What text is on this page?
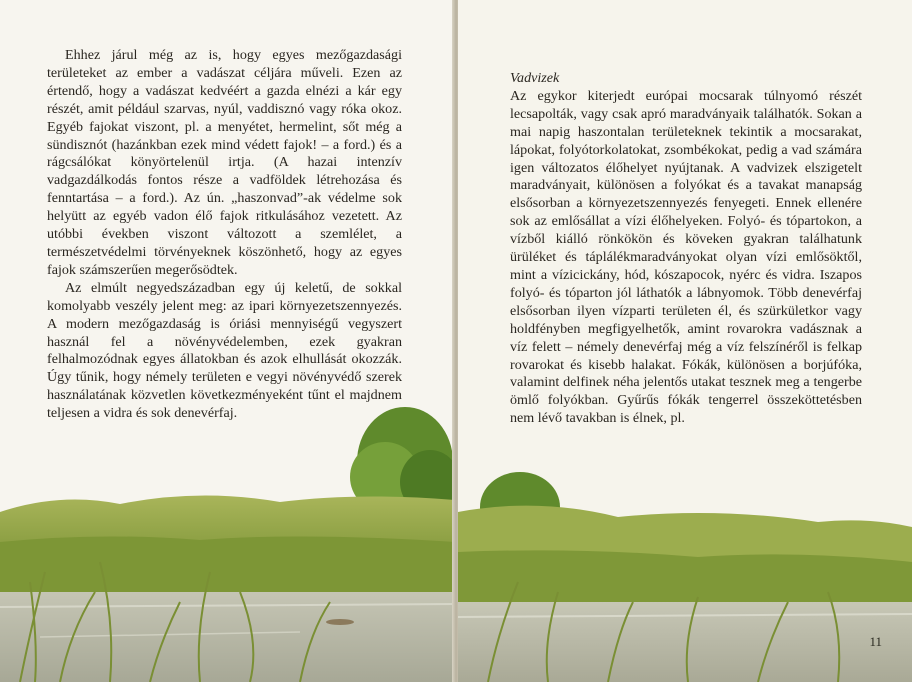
Ehhez járul még az is, hogy egyes mezőgazdasági területeket az ember a vadászat céljára műveli. Ezen az értendő, hogy a vadászat kedvéért a gazda elnézi a kár egy részét, amit például szarvas, nyúl, vaddisznó vagy róka okoz. Egyéb fajokat viszont, pl. a menyétet, hermelint, sőt még a sündisznót (hazánkban ezek mind védett fajok! – a ford.) és a rágcsálókat könyörtelenül irtja. (A hazai intenzív vadgazdálkodás fontos része a vadföldek létrehozása és fenntartása – a ford.). Az ún. „haszonvad”-ak védelme sok helyütt az egyéb vadon élő fajok ritkulásához vezetett. Az utóbbi években viszont változott a szemlélet, a természetvédelmi törvényeknek köszönhető, hogy az egyes fajok számszerűen megerősödtek.

Az elmúlt negyedszázadban egy új keletű, de sokkal komolyabb veszély jelent meg: az ipari környezetszennyezés. A modern mezőgazdaság is óriási mennyiségű vegyszert használ fel a növényvédelemben, ezek gyakran felhalmozódnak egyes állatokban és azok elhullását okozzák. Úgy tűnik, hogy némely területen e vegyi növényvédő szerek használatának közvetlen következményeként tűnt el majdnem teljesen a vidra és sok denevérfaj.

Vadvizek

Az egykor kiterjedt európai mocsarak túlnyomó részét lecsapolták, vagy csak apró maradványaik találhatók. Sokan a mai napig haszontalan területeknek tekintik a mocsarakat, lápokat, folyótorkolatokat, zsombékokat, pedig a vad számára igen változatos élőhelyet nyújtanak. A vadvizek elszigetelt maradványait, különösen a folyókat és a tavakat manapság elsősorban a környezetszennyezés fenyegeti. Ennek ellenére sok az emlősállat a vízi élőhelyeken. Folyó- és tópartokon, a vízből kiálló rönkökön és köveken gyakran találhatunk ürüléket és táplálékmaradványokat olyan vízi emlősöktől, mint a vízicickány, hód, kószapocok, nyérc és vidra. Iszapos folyó- és tóparton jól láthatók a lábnyomok. Több denevérfaj elsősorban ilyen vízparti területen él, és szürkületkor vagy holdfényben megfigyelhetők, amint rovarokra vadásznak a víz felett – némely denevérfaj még a víz felszínéről is felkap rovarokat és kisebb halakat. Fókák, különösen a borjúfóka, valamint delfinek néha jelentős utakat tesznek meg a tengerbe ömlő folyókban. Gyűrűs fókák tengerrel összeköttetésben nem lévő tavakban is élnek, pl.

11
